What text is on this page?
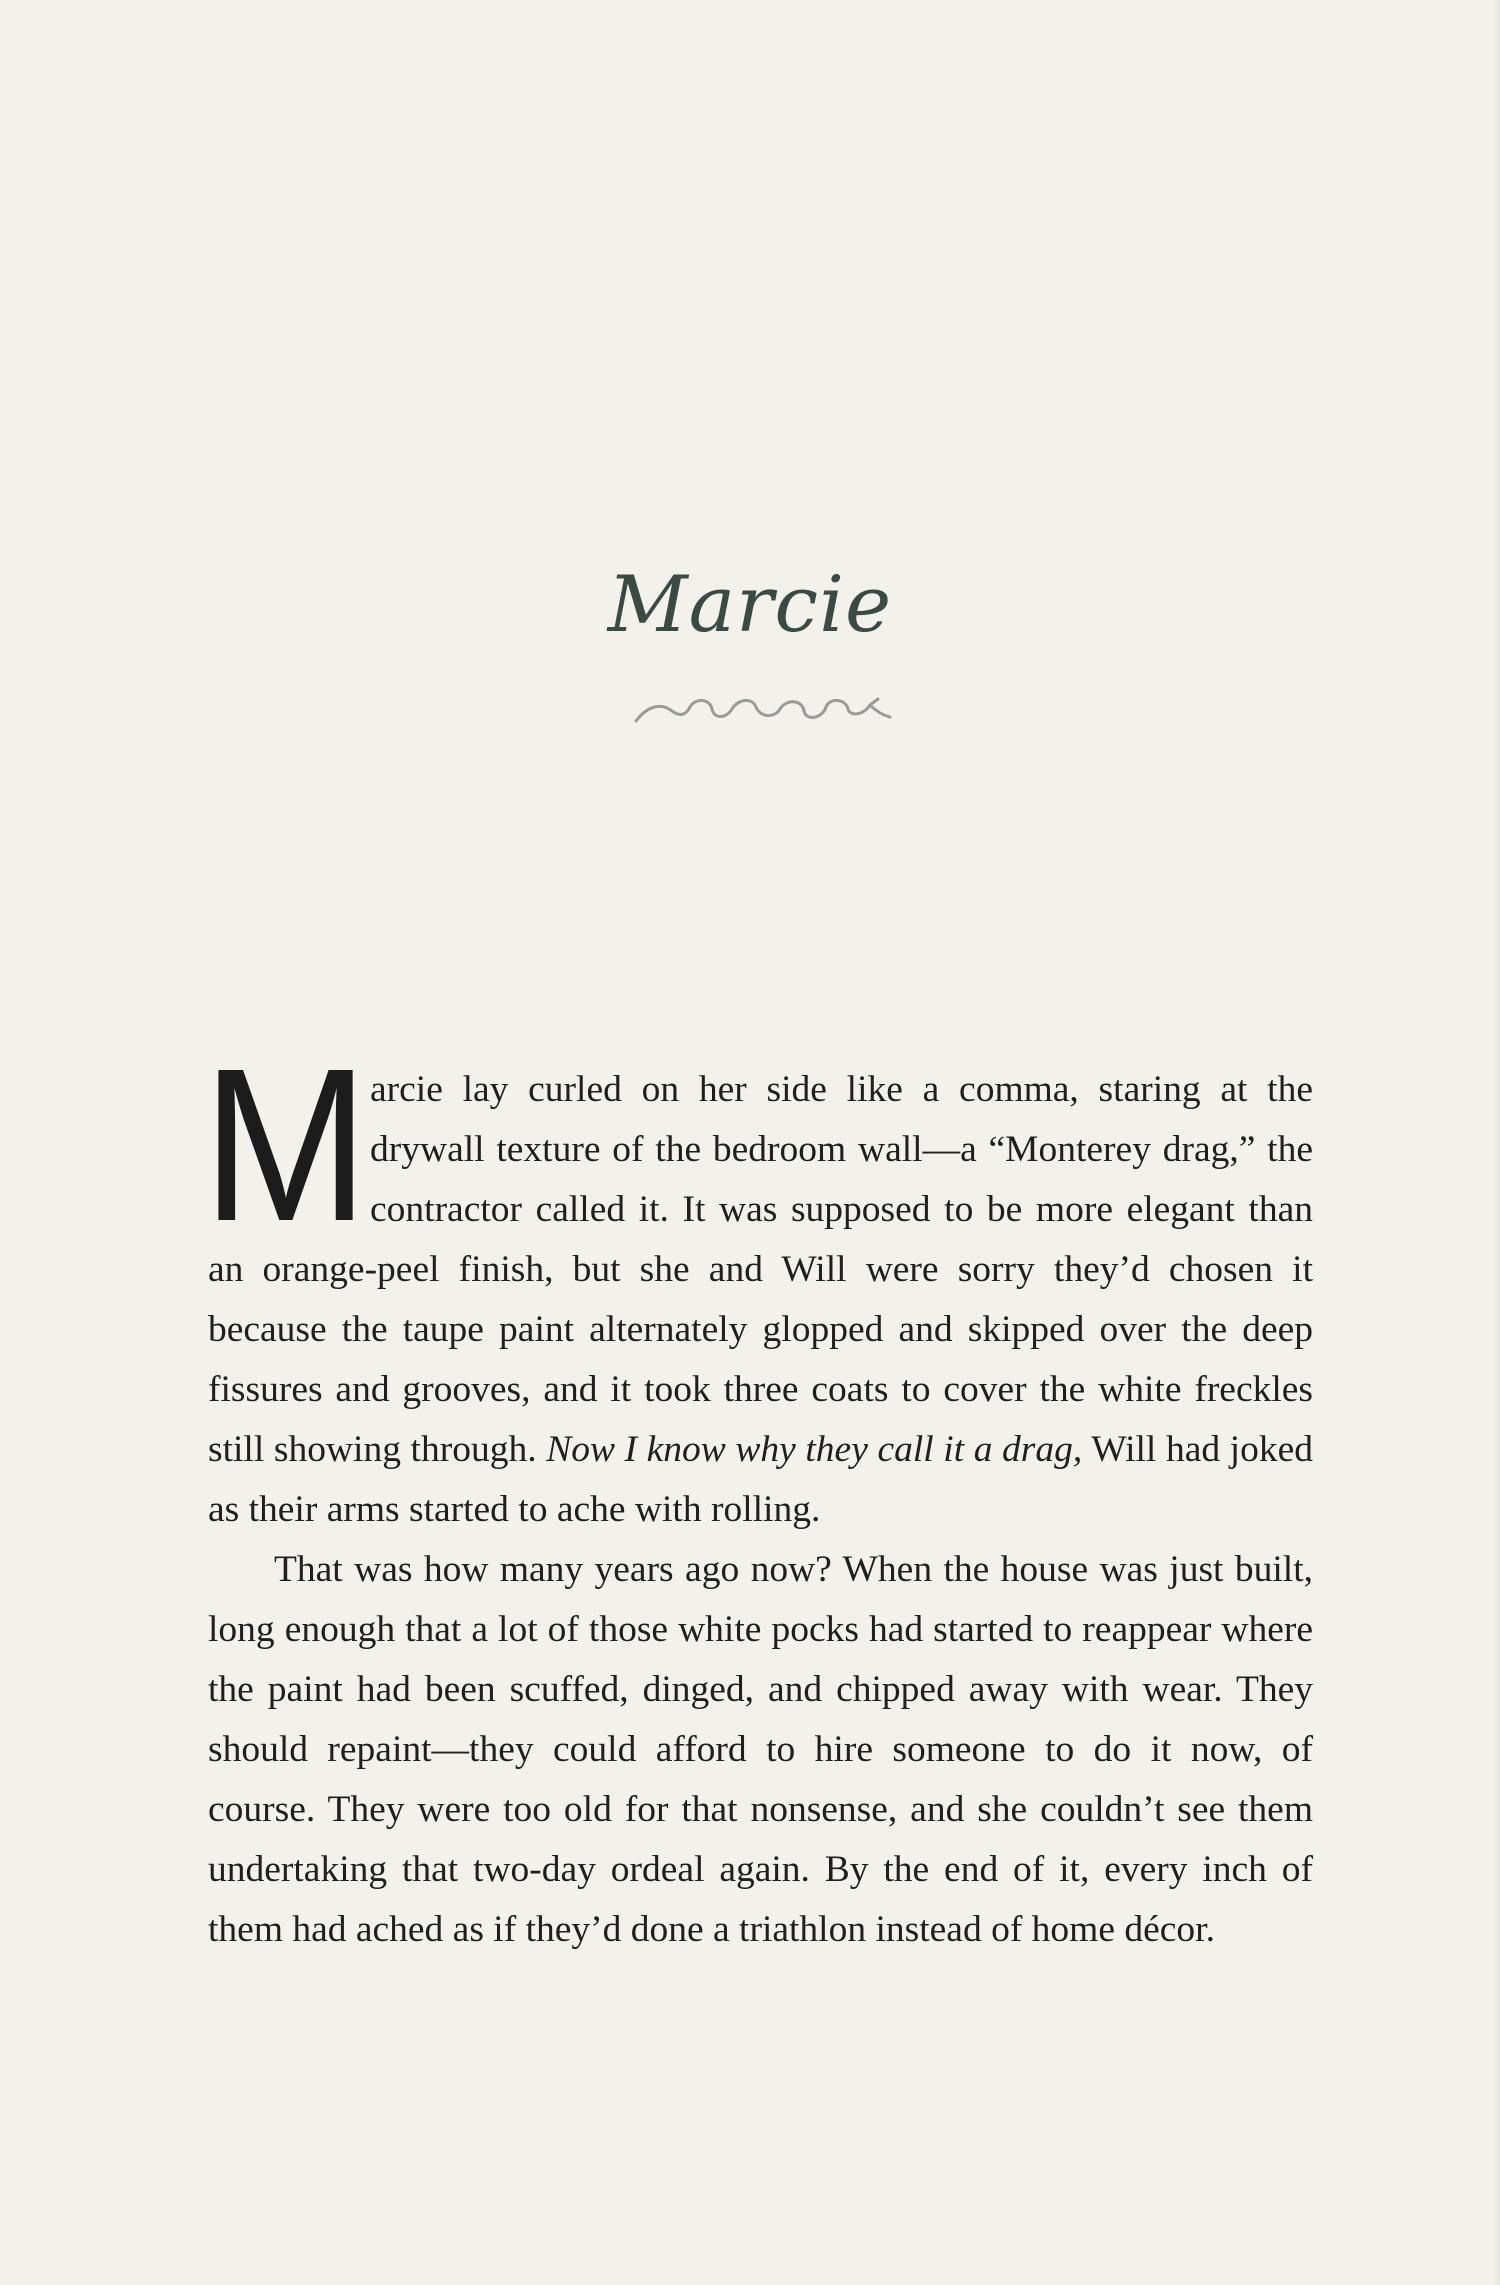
Marcie

M arcie lay curled on her side like a comma, staring at the drywall texture of the bedroom wall—a “Monterey drag,” the contractor called it. It was supposed to be more elegant than an orange-peel finish, but she and Will were sorry they’d chosen it because the taupe paint alternately glopped and skipped over the deep fissures and grooves, and it took three coats to cover the white freckles still showing through. Now I know why they call it a drag, Will had joked as their arms started to ache with rolling.

That was how many years ago now? When the house was just built, long enough that a lot of those white pocks had started to reappear where the paint had been scuffed, dinged, and chipped away with wear. They should repaint—they could afford to hire someone to do it now, of course. They were too old for that nonsense, and she couldn’t see them undertaking that two-day ordeal again. By the end of it, every inch of them had ached as if they’d done a triathlon instead of home décor.
